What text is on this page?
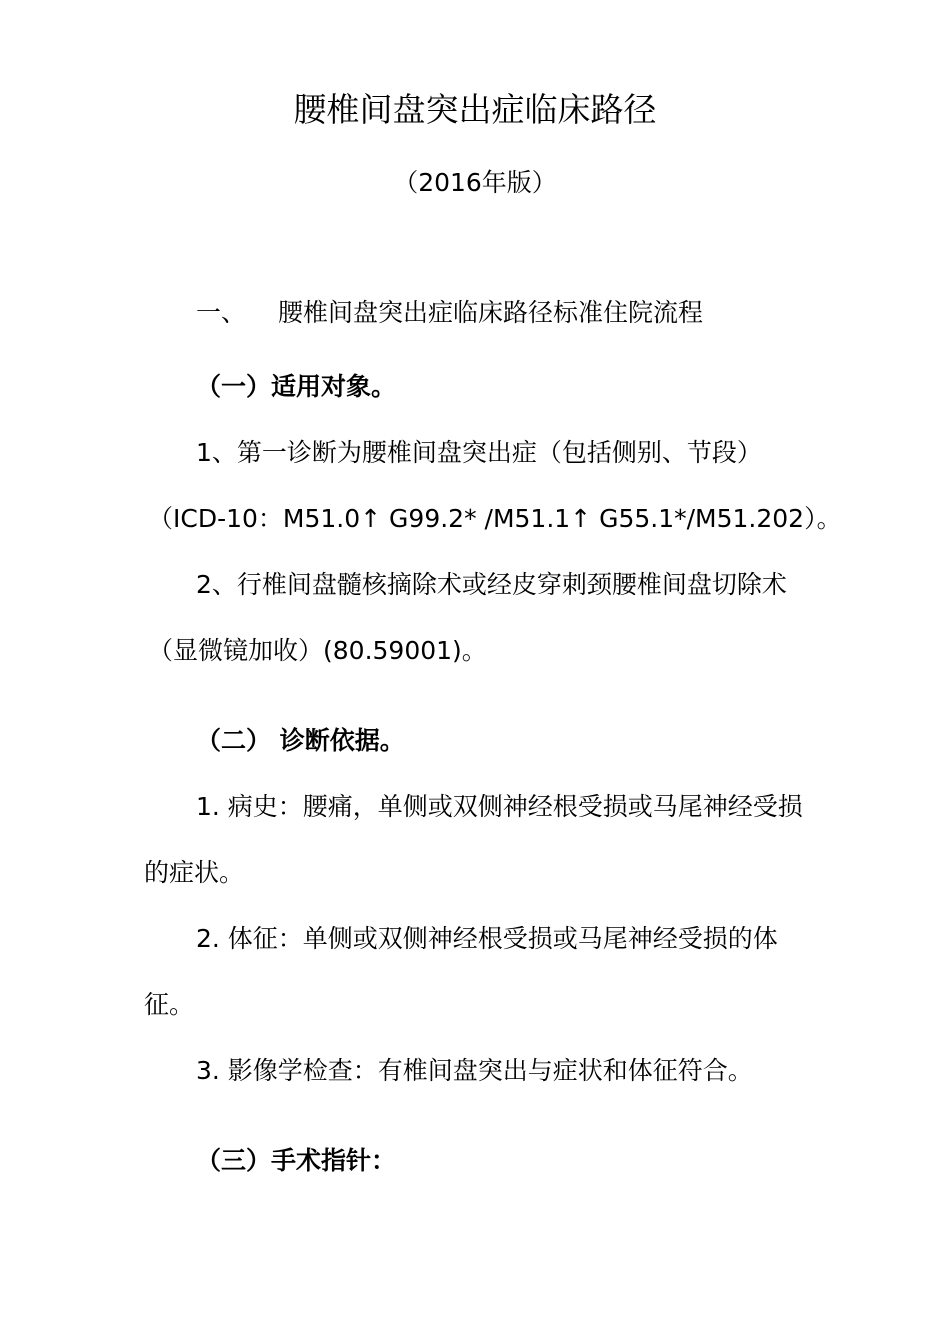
腰椎间盘突出症临床路径
（2016年版）
一、 腰椎间盘突出症临床路径标准住院流程
（一）适用对象。
1、第一诊断为腰椎间盘突出症（包括侧别、节段）
（ICD-10：M51.0↑ G99.2* /M51.1↑ G55.1*/M51.202）。
2、行椎间盘髓核摘除术或经皮穿刺颈腰椎间盘切除术
（显微镜加收）(80.59001)。
（二） 诊断依据。
1. 病史：腰痛，单侧或双侧神经根受损或马尾神经受损
的症状。
2. 体征：单侧或双侧神经根受损或马尾神经受损的体
征。
3. 影像学检查：有椎间盘突出与症状和体征符合。
（三）手术指针：
